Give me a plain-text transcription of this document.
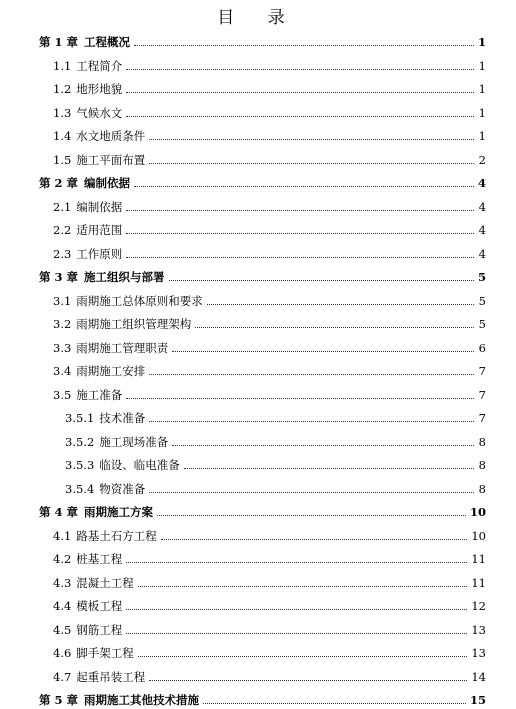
目 录
第 1 章 工程概况	1
1.1 工程简介	1
1.2 地形地貌	1
1.3 气候水文	1
1.4 水文地质条件	1
1.5 施工平面布置	2
第 2 章 编制依据	4
2.1 编制依据	4
2.2 适用范围	4
2.3 工作原则	4
第 3 章 施工组织与部署	5
3.1 雨期施工总体原则和要求	5
3.2 雨期施工组织管理架构	5
3.3 雨期施工管理职责	6
3.4 雨期施工安排	7
3.5 施工准备	7
3.5.1 技术准备	7
3.5.2 施工现场准备	8
3.5.3 临设、临电准备	8
3.5.4 物资准备	8
第 4 章 雨期施工方案	10
4.1 路基土石方工程	10
4.2 桩基工程	11
4.3 混凝土工程	11
4.4 模板工程	12
4.5 钢筋工程	13
4.6 脚手架工程	13
4.7 起重吊装工程	14
第 5 章 雨期施工其他技术措施	15
